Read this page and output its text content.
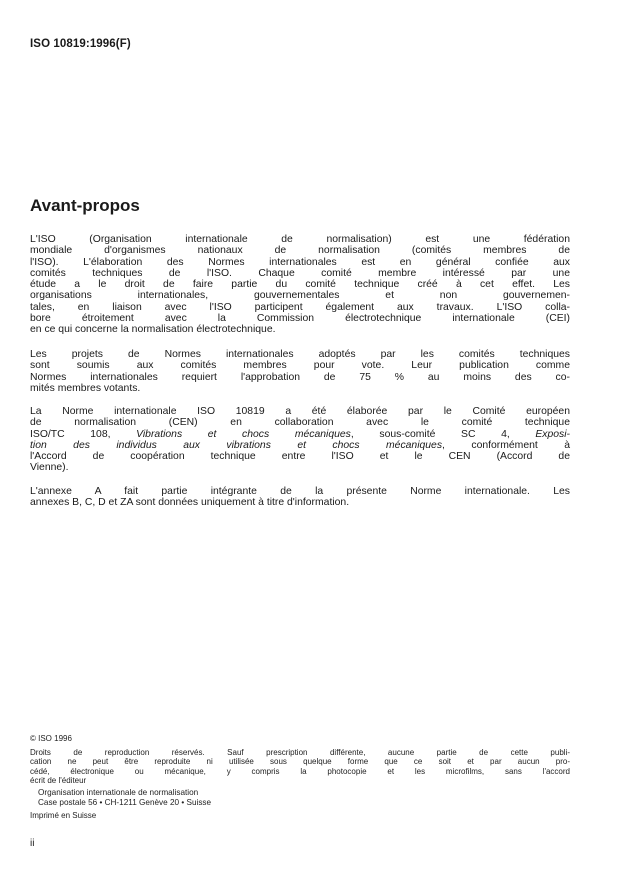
ISO 10819:1996(F)
Avant-propos
L'ISO (Organisation internationale de normalisation) est une fédération
mondiale d'organismes nationaux de normalisation (comités membres de
l'ISO). L'élaboration des Normes internationales est en général confiée aux
comités techniques de l'ISO. Chaque comité membre intéressé par une
étude a le droit de faire partie du comité technique créé à cet effet. Les
organisations internationales, gouvernementales et non gouvernemen-
tales, en liaison avec l'ISO participent également aux travaux. L'ISO colla-
bore étroitement avec la Commission électrotechnique internationale (CEI)
en ce qui concerne la normalisation électrotechnique.
Les projets de Normes internationales adoptés par les comités techniques
sont soumis aux comités membres pour vote. Leur publication comme
Normes internationales requiert l'approbation de 75 % au moins des co-
mités membres votants.
La Norme internationale ISO 10819 a été élaborée par le Comité européen
de normalisation (CEN) en collaboration avec le comité technique
ISO/TC 108, Vibrations et chocs mécaniques, sous-comité SC 4, Exposi-
tion des individus aux vibrations et chocs mécaniques, conformément à
l'Accord de coopération technique entre l'ISO et le CEN (Accord de
Vienne).
L'annexe A fait partie intégrante de la présente Norme internationale. Les
annexes B, C, D et ZA sont données uniquement à titre d'information.
© ISO 1996
Droits de reproduction réservés. Sauf prescription différente, aucune partie de cette publi-
cation ne peut être reproduite ni utilisée sous quelque forme que ce soit et par aucun pro-
cédé, électronique ou mécanique, y compris la photocopie et les microfilms, sans l'accord
écrit de l'éditeur
Organisation internationale de normalisation
Case postale 56 • CH-1211 Genève 20 • Suisse
Imprimé en Suisse
ii
